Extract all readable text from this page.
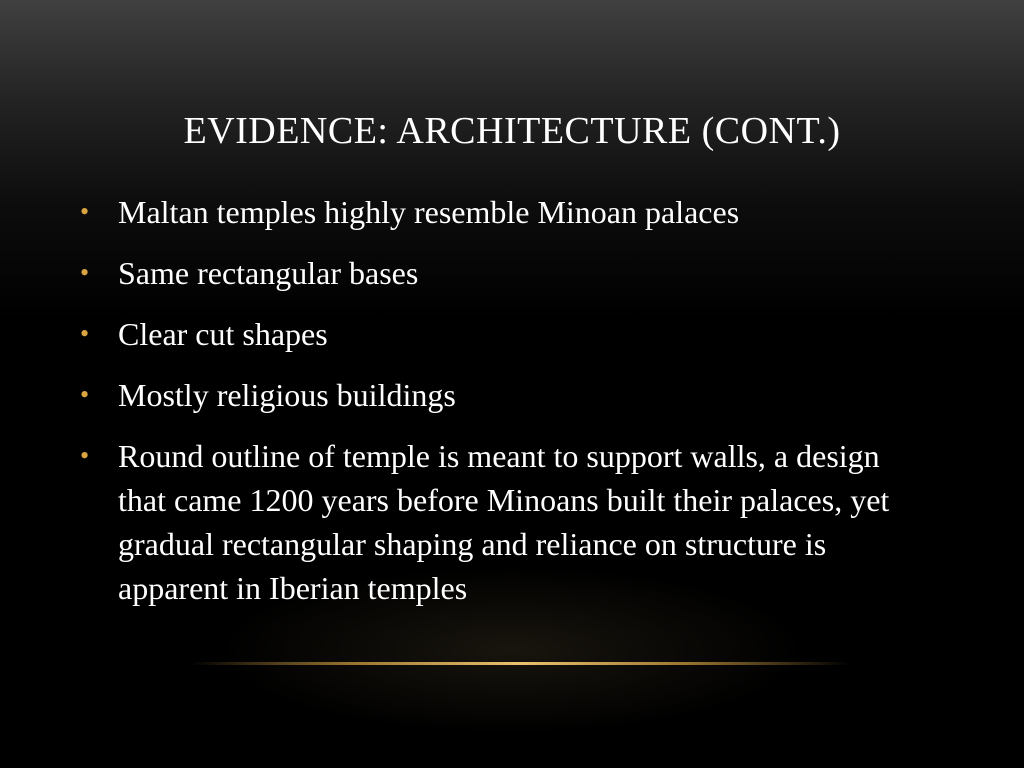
EVIDENCE: ARCHITECTURE (CONT.)
• Maltan temples highly resemble Minoan palaces
• Same rectangular bases
• Clear cut shapes
• Mostly religious buildings
• Round outline of temple is meant to support walls, a design that came 1200 years before Minoans built their palaces, yet gradual rectangular shaping and reliance on structure is apparent in Iberian temples
